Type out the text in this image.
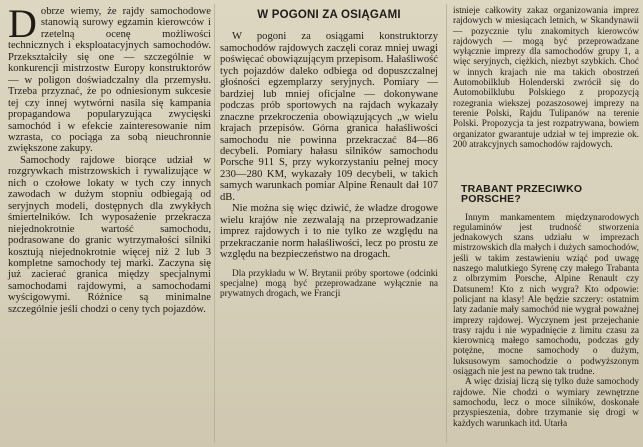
Dobrze wiemy, że rajdy samochodowe stanowią surowy egzamin kierowców i rzetelną ocenę możliwości technicznych i eksploatacyjnych samochodów. Przekształciły się one — szczególnie w konkurencji mistrzostw Europy konstruktorów — w poligon doświadczalny dla przemysłu. Trzeba przyznać, że po odniesionym sukcesie tej czy innej wytwórni nasila się kampania propagandowa popularyzująca zwycięski samochód i w efekcie zainteresowanie nim wzrasta, co pociąga za sobą nieuchronnie zwiększone zakupy.

Samochody rajdowe biorące udział w rozgrywkach mistrzowskich i rywalizujące w nich o czołowe lokaty w tych czy innych zawodach w dużym stopniu odbiegają od seryjnych modeli, dostępnych dla zwykłych śmiertelników. Ich wyposażenie przekracza niejednokrotnie wartość samochodu, podrasowane do granic wytrzymałości silniki kosztują niejednokrotnie więcej niż 2 lub 3 kompletne samochody tej marki. Zaczyna się już zacierać granica między specjalnymi samochodami rajdowymi, a samochodami wyścigowymi. Różnice są minimalne szczególnie jeśli chodzi o ceny tych pojazdów.

W POGONI ZA OSIĄGAMI

W pogoni za osiągami konstruktorzy samochodów rajdowych zaczęli coraz mniej uwagi poświęcać obowiązującym przepisom. Hałaśliwość tych pojazdów daleko odbiega od dopuszczalnej głośności egzemplarzy seryjnych. Pomiary — bardziej lub mniej oficjalne — dokonywane podczas prób sportowych na rajdach wykazały znaczne przekroczenia obowiązujących „w wielu krajach przepisów. Górna granica hałaśliwości samochodu nie powinna przekraczać 84—86 decybeli. Pomiary hałasu silników samochodu Porsche 911 S, przy wykorzystaniu pełnej mocy 230—280 KM, wykazały 109 decybeli, w takich samych warunkach pomiar Alpine Renault dał 107 dB.

Nie można się więc dziwić, że władze drogowe wielu krajów nie zezwalają na przeprowadzanie imprez rajdowych i to nie tylko ze względu na przekraczanie norm hałaśliwości, lecz po prostu ze względu na bezpieczeństwo na drogach.

Dla przykładu w W. Brytanii próby sportowe (odcinki specjalne) mogą być przeprowadzane wyłącznie na prywatnych drogach, we Francji

istnieje całkowity zakaz organizowania imprez rajdowych w miesiącach letnich, w Skandynawii — pozycznie tylu znakomitych kierowców rajdowych — mogą być przeprowadzane wyłącznie imprezy dla samochodów grupy 1, a więc seryjnych, ciężkich, niezbyt szybkich. Choć w innych krajach nie ma takich obostrzeń Automobilklub Holenderski zwrócił się do Automobilklubu Polskiego z propozycją rozegrania wiekszej pozaszosowej imprezy na terenie Polski, Rajdu Tulipanów na terenie Polski. Propozycja ta jest rozpatrywana, bowiem organizator gwarantuje udział w tej imprezie ok. 200 atrakcyjnych samochodów rajdowych.

TRABANT PRZECIWKO PORSCHE?

Innym mankamentem międzynarodowych regulaminów jest trudność stworzenia jednakowych szans udziału w imprezach mistrzowskich dla małych i dużych samochodów, jeśli w takim zestawieniu wziąć pod uwagę naszego malutkiego Syrenę czy małego Trabanta z olbrzymim Porsche, Alpine Renault czy Datsunem! Kto z nich wygra? Kto odpowie: policjant na klasy! Ale będzie szczery: ostatnim laty zadanie mały samochód nie wygrał poważnej imprezy rajdowej. Wyczynem jest przejechanie trasy rajdu i nie wypadnięcie z limitu czasu za kierownicą małego samochodu, podczas gdy potężne, mocne samochody o dużym, luksusowym samochodzie o podwyższonym osiągach nie jest na pewno tak trudne.

A więc dzisiaj liczą się tylko duże samochody rajdowe. Nie chodzi o wymiary zewnętrzne samochodu, lecz o moce silników, doskonałe przyspieszenia, dobre trzymanie się drogi w każdych warunkach itd. Utarła
